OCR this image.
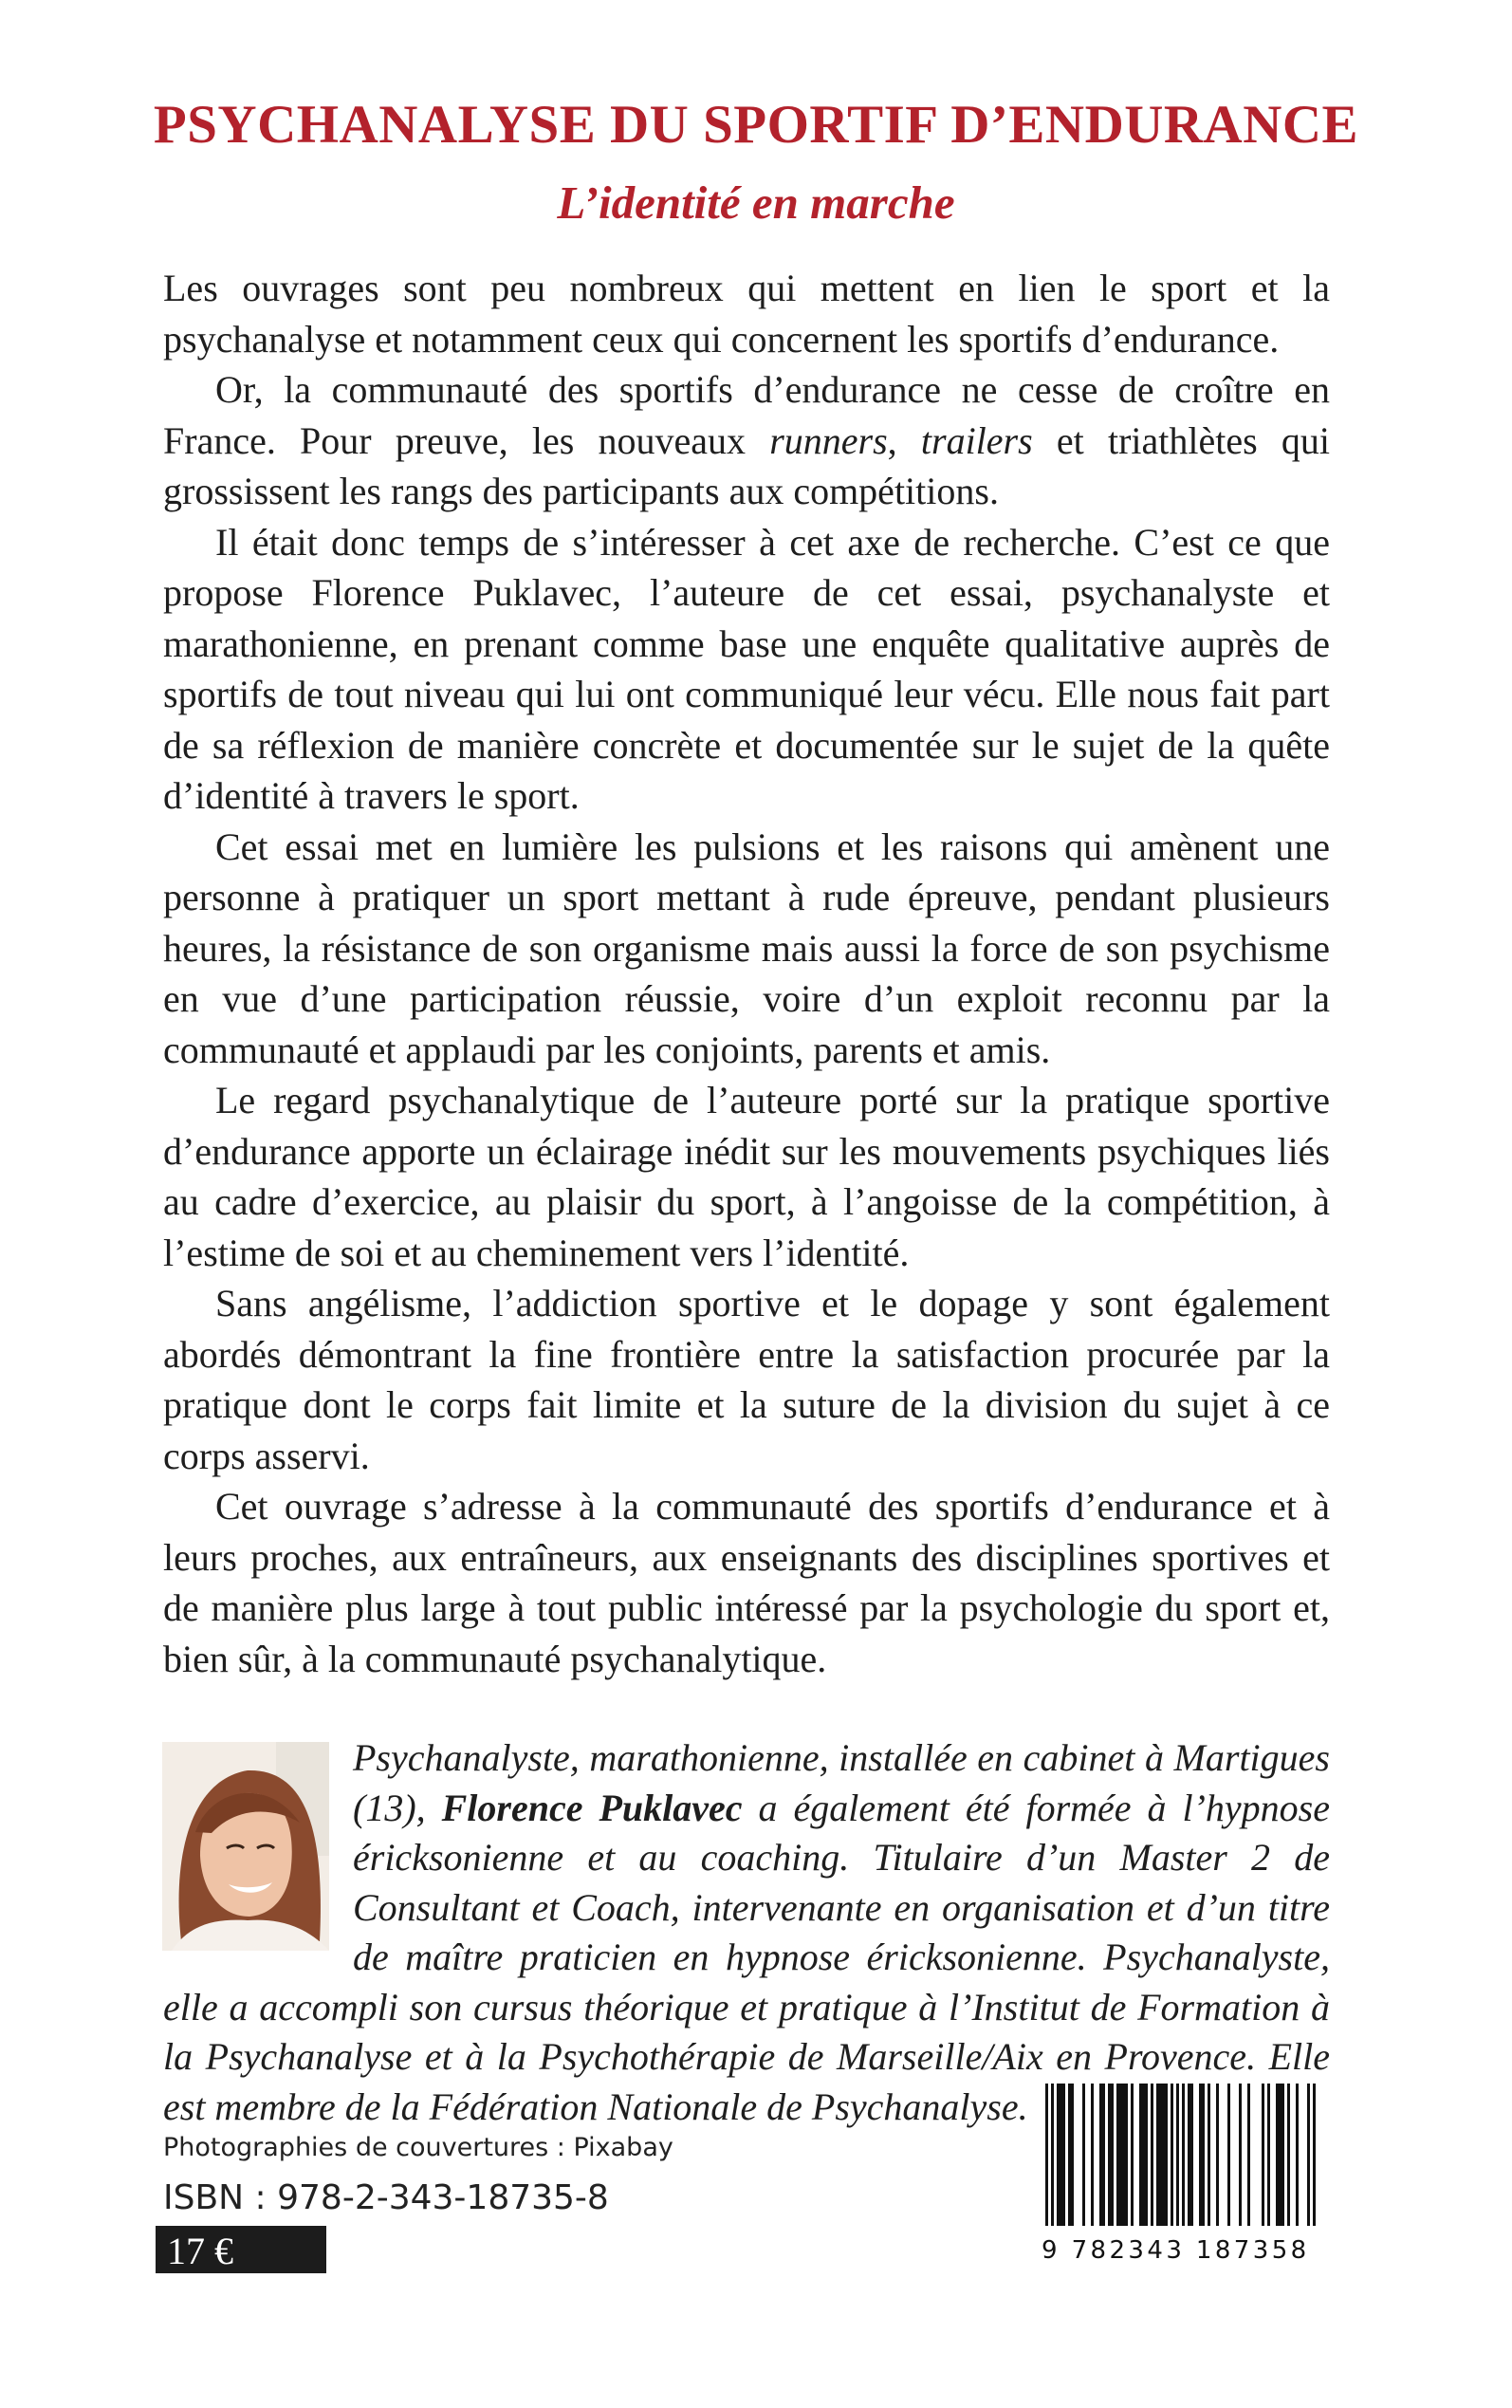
PSYCHANALYSE DU SPORTIF D’ENDURANCE
L’identité en marche

Les ouvrages sont peu nombreux qui mettent en lien le sport et la psychanalyse et notamment ceux qui concernent les sportifs d’endurance.

Or, la communauté des sportifs d’endurance ne cesse de croître en France. Pour preuve, les nouveaux runners, trailers et triathlètes qui grossissent les rangs des participants aux compétitions.

Il était donc temps de s’intéresser à cet axe de recherche. C’est ce que propose Florence Puklavec, l’auteure de cet essai, psychanalyste et marathonienne, en prenant comme base une enquête qualitative auprès de sportifs de tout niveau qui lui ont communiqué leur vécu. Elle nous fait part de sa réflexion de manière concrète et documentée sur le sujet de la quête d’identité à travers le sport.

Cet essai met en lumière les pulsions et les raisons qui amènent une personne à pratiquer un sport mettant à rude épreuve, pendant plusieurs heures, la résistance de son organisme mais aussi la force de son psychisme en vue d’une participation réussie, voire d’un exploit reconnu par la communauté et applaudi par les conjoints, parents et amis.

Le regard psychanalytique de l’auteure porté sur la pratique sportive d’endurance apporte un éclairage inédit sur les mouvements psychiques liés au cadre d’exercice, au plaisir du sport, à l’angoisse de la compétition, à l’estime de soi et au cheminement vers l’identité.

Sans angélisme, l’addiction sportive et le dopage y sont également abordés démontrant la fine frontière entre la satisfaction procurée par la pratique dont le corps fait limite et la suture de la division du sujet à ce corps asservi.

Cet ouvrage s’adresse à la communauté des sportifs d’endurance et à leurs proches, aux entraîneurs, aux enseignants des disciplines sportives et de manière plus large à tout public intéressé par la psychologie du sport et, bien sûr, à la communauté psychanalytique.

Psychanalyste, marathonienne, installée en cabinet à Martigues (13), Florence Puklavec a également été formée à l’hypnose éricksonienne et au coaching. Titulaire d’un Master 2 de Consultant et Coach, intervenante en organisation et d’un titre de maître praticien en hypnose éricksonienne. Psychanalyste, elle a accompli son cursus théorique et pratique à l’Institut de Formation à la Psychanalyse et à la Psychothérapie de Marseille/Aix en Provence. Elle est membre de la Fédération Nationale de Psychanalyse.

Photographies de couvertures : Pixabay

ISBN : 978-2-343-18735-8

17 €	9 782343 187358
